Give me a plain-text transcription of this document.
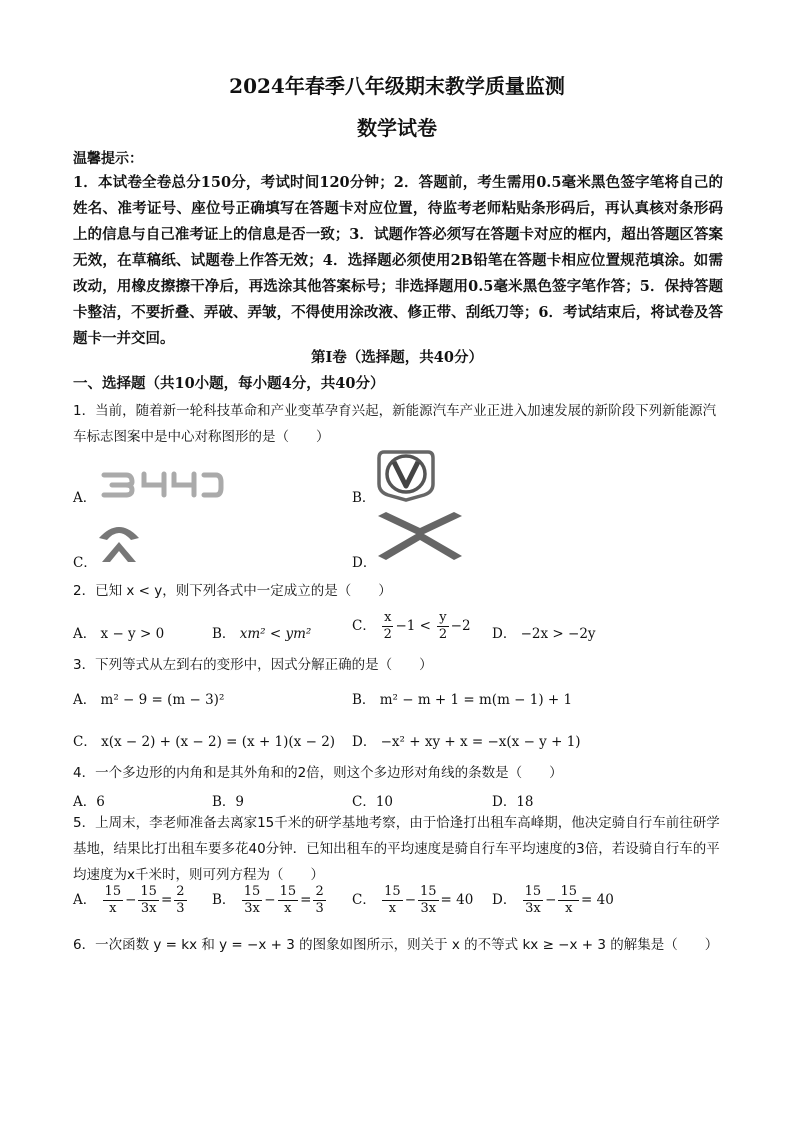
2024年春季八年级期末教学质量监测
数学试卷
温馨提示：
1．本试卷全卷总分150分，考试时间120分钟；2．答题前，考生需用0.5毫米黑色签字笔将自己的姓名、准考证号、座位号正确填写在答题卡对应位置，待监考老师粘贴条形码后，再认真核对条形码上的信息与自己准考证上的信息是否一致；3．试题作答必须写在答题卡对应的框内，超出答题区答案无效，在草稿纸、试题卷上作答无效；4．选择题必须使用2B铅笔在答题卡相应位置规范填涂。如需改动，用橡皮擦擦干净后，再选涂其他答案标号；非选择题用0.5毫米黑色签字笔作答；5．保持答题卡整洁，不要折叠、弄破、弄皱，不得使用涂改液、修正带、刮纸刀等；6．考试结束后，将试卷及答题卡一并交回。
第Ⅰ卷（选择题，共40分）
一、选择题（共10小题，每小题4分，共40分）
1．当前，随着新一轮科技革命和产业变革孕育兴起，新能源汽车产业正进入加速发展的新阶段下列新能源汽车标志图案中是中心对称图形的是（　　）
A．	B．
C．	D．
2．已知 x < y，则下列各式中一定成立的是（　　）
A． x − y > 0	B． xm² < ym²	C． $\frac{x}{2} -1 < \frac{y}{2} -2$ D． −2x > −2y
3．下列等式从左到右的变形中，因式分解正确的是（　　）
A． m² − 9 = (m − 3)²	B． m² − m + 1 = m(m − 1) + 1
C． x(x − 2) + (x − 2) = (x + 1)(x − 2) D． −x² + xy + x = −x(x − y + 1)
4．一个多边形的内角和是其外角和的2倍，则这个多边形对角线的条数是（　　）
A．6	B．9	C．10	D．18
5．上周末，李老师准备去离家15千米的研学基地考察，由于恰逢打出租车高峰期，他决定骑自行车前往研学基地，结果比打出租车要多花40分钟．已知出租车的平均速度是骑自行车平均速度的3倍，若设骑自行车的平均速度为x千米时，则可列方程为（　　）
A． $\frac{15}{x} - \frac{15}{3x} = \frac{2}{3}$ B． $\frac{15}{3x} - \frac{15}{x} = \frac{2}{3}$ C． $\frac{15}{x} - \frac{15}{3x} = 40$ D． $\frac{15}{3x} - \frac{15}{x} = 40$
6．一次函数 y = kx 和 y = −x + 3 的图象如图所示，则关于 x 的不等式 kx ≥ −x + 3 的解集是（　　）
